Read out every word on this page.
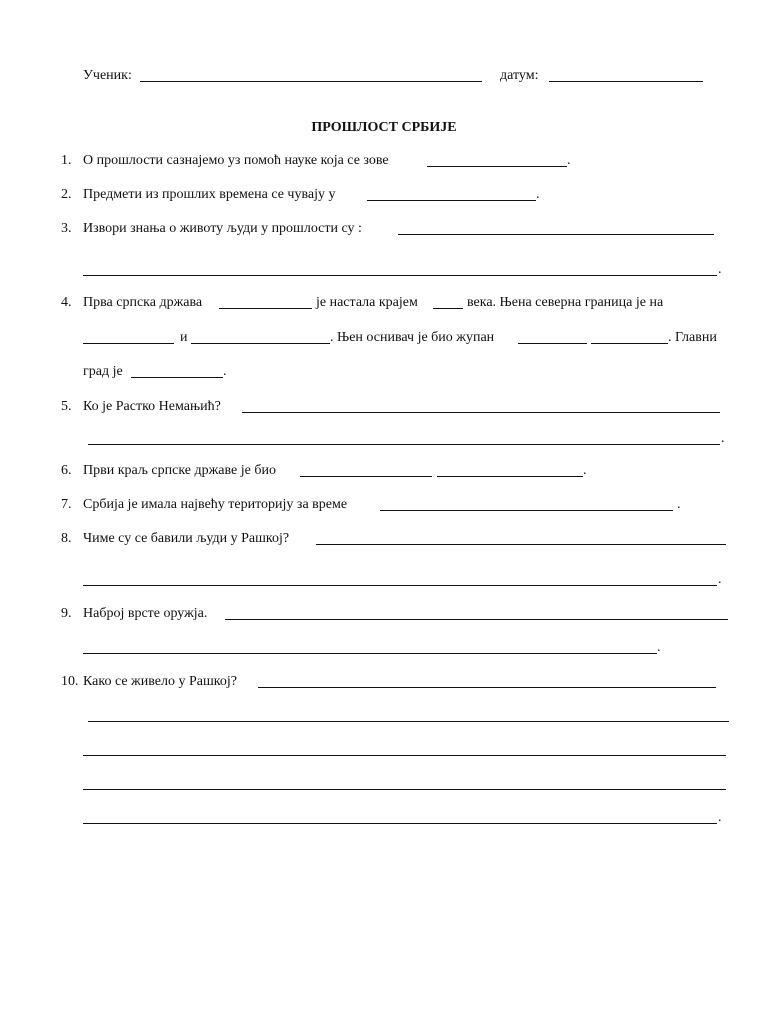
Ученик:	датум:
ПРОШЛОСТ СРБИЈЕ
1. О прошлости сазнајемо уз помоћ науке која се зове	.
2. Предмети из прошлих времена се чувају у	.
3. Извори знања о животу људи у прошлости су :
.
4. Прва српска држава	је настала крајем	века. Њена северна граница је на
и	. Њен оснивач је био жупан	. Главни
град је	.
5. Ко је Растко Немањић?
.
6. Први краљ српске државе је био	.
7. Србија је имала највећу територију за време	.
8. Чиме су се бавили људи у Рашкој?
.
9. Наброј врсте оружја.
.
10. Како се живело у Рашкој?
.
